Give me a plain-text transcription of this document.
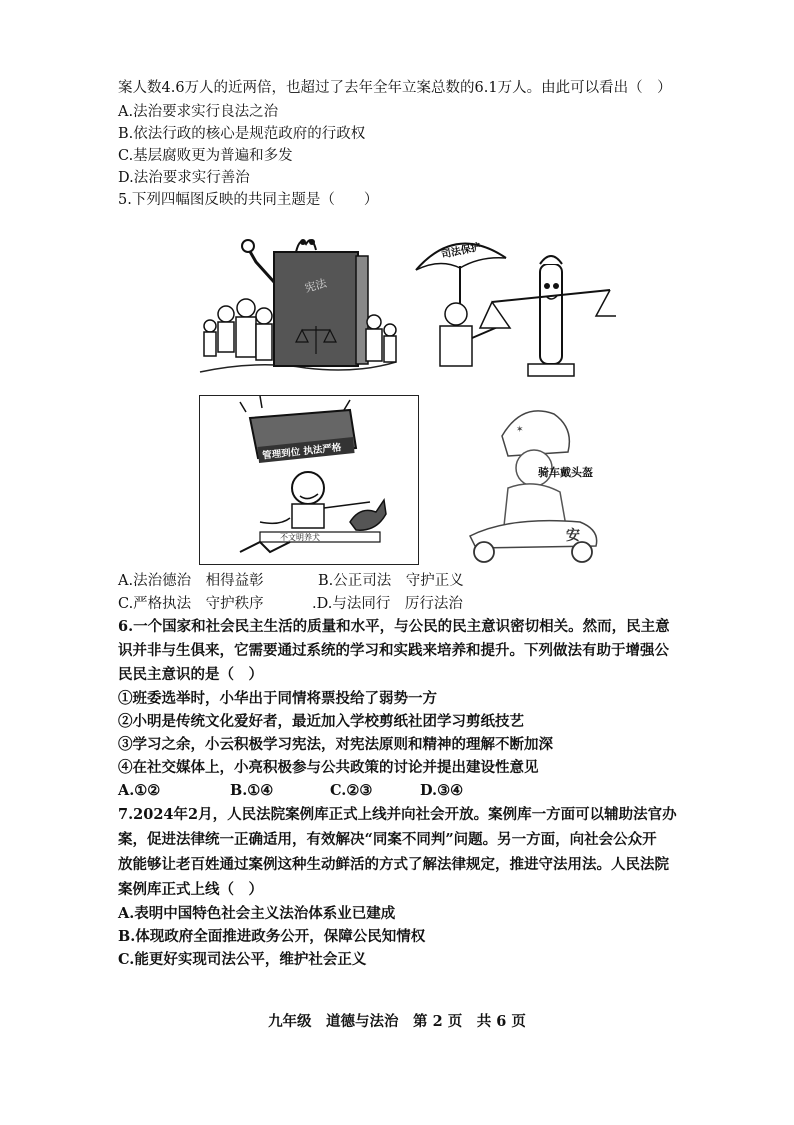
案人数4.6万人的近两倍，也超过了去年全年立案总数的6.1万人。由此可以看出（　）
A.法治要求实行良法之治
B.依法行政的核心是规范政府的行政权
C.基层腐败更为普遍和多发
D.法治要求实行善治
5.下列四幅图反映的共同主题是（　　）
宪法
司法保护
管理到位 执法严格
不文明养犬
✶
安
骑车戴头盔
A.法治德治　相得益彰	B.公正司法　守护正义
C.严格执法　守护秩序	.D.与法同行　厉行法治
6.一个国家和社会民主生活的质量和水平，与公民的民主意识密切相关。然而，民主意
识并非与生俱来，它需要通过系统的学习和实践来培养和提升。下列做法有助于增强公
民民主意识的是（　）
①班委选举时，小华出于同情将票投给了弱势一方
②小明是传统文化爱好者，最近加入学校剪纸社团学习剪纸技艺
③学习之余，小云积极学习宪法，对宪法原则和精神的理解不断加深
④在社交媒体上，小亮积极参与公共政策的讨论并提出建设性意见
A.①②	B.①④	C.②③	D.③④
7.2024年2月，人民法院案例库正式上线并向社会开放。案例库一方面可以辅助法官办
案，促进法律统一正确适用，有效解决“同案不同判”问题。另一方面，向社会公众开
放能够让老百姓通过案例这种生动鲜活的方式了解法律规定，推进守法用法。人民法院
案例库正式上线（　）
A.表明中国特色社会主义法治体系业已建成
B.体现政府全面推进政务公开，保障公民知情权
C.能更好实现司法公平，维护社会正义
九年级　道德与法治　第 2 页　共 6 页
